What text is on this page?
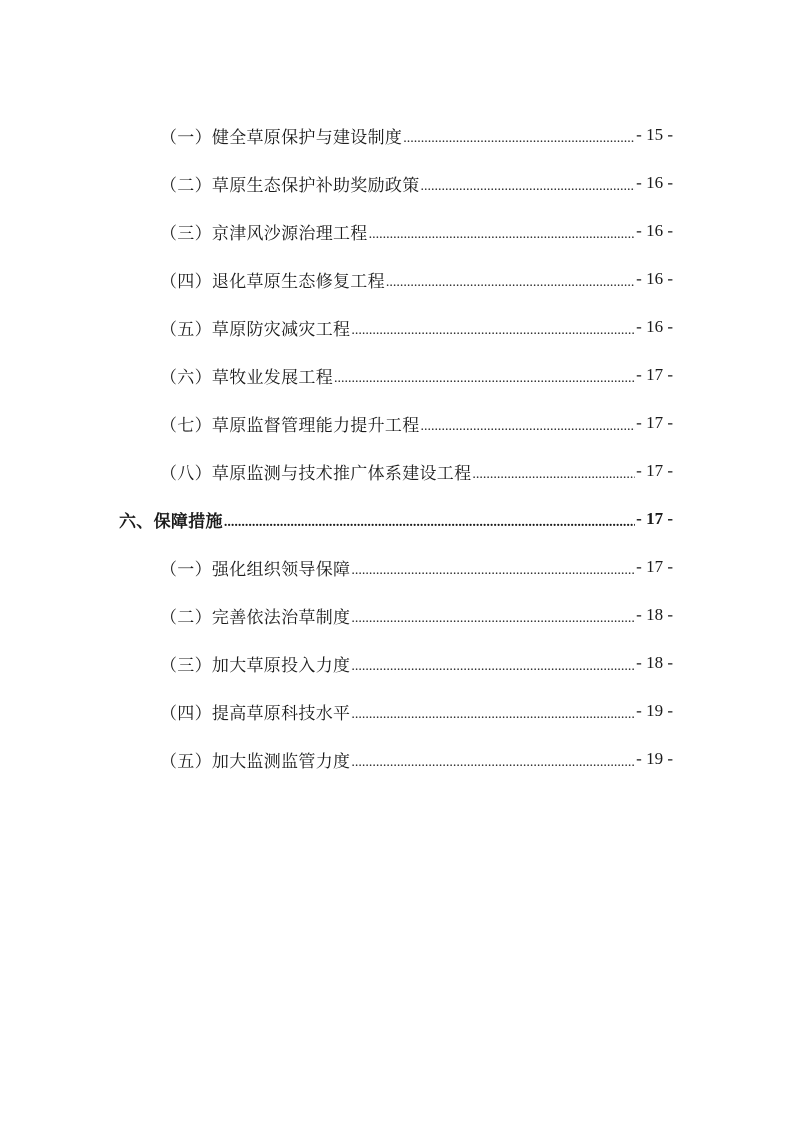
（一）健全草原保护与建设制度 .....	- 15 -
（二）草原生态保护补助奖励政策 .....	- 16 -
（三）京津风沙源治理工程 .....	- 16 -
（四）退化草原生态修复工程 .....	- 16 -
（五）草原防灾减灾工程 .....	- 16 -
（六）草牧业发展工程 .....	- 17 -
（七）草原监督管理能力提升工程 .....	- 17 -
（八）草原监测与技术推广体系建设工程 .....	- 17 -
六、保障措施 .....	- 17 -
（一）强化组织领导保障 .....	- 17 -
（二）完善依法治草制度 .....	- 18 -
（三）加大草原投入力度 .....	- 18 -
（四）提高草原科技水平 .....	- 19 -
（五）加大监测监管力度 .....	- 19 -
